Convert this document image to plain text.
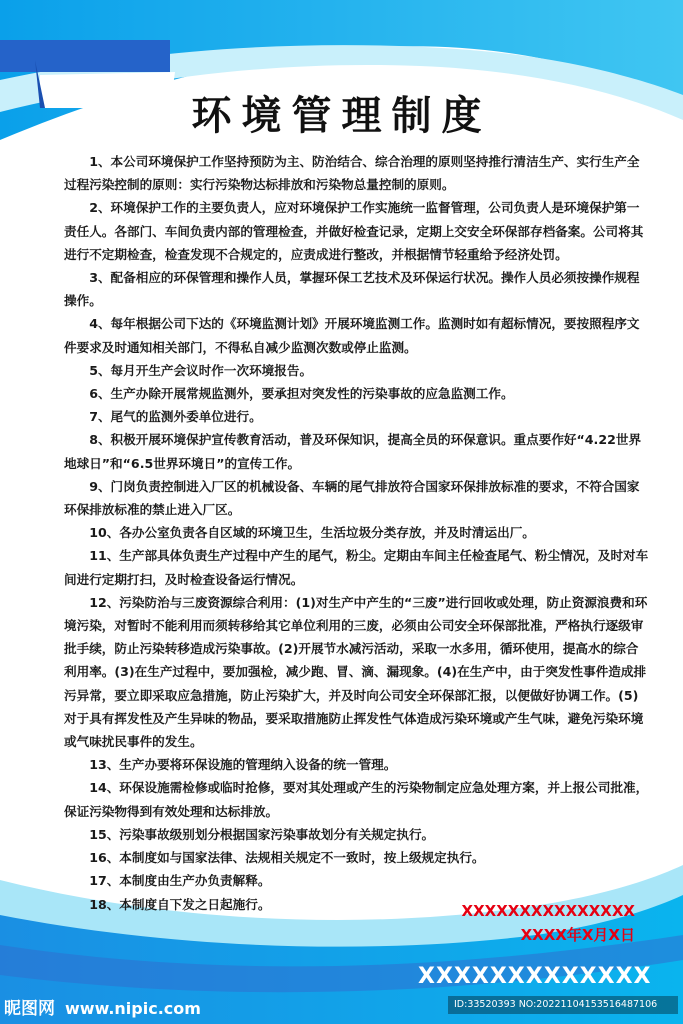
环境管理制度

1、本公司环境保护工作坚持预防为主、防治结合、综合治理的原则坚持推行清洁生产、实行生产全过程污染控制的原则：实行污染物达标排放和污染物总量控制的原则。

2、环境保护工作的主要负责人，应对环境保护工作实施统一监督管理，公司负责人是环境保护第一责任人。各部门、车间负责内部的管理检查，并做好检查记录，定期上交安全环保部存档备案。公司将其进行不定期检查，检查发现不合规定的，应责成进行整改，并根据情节轻重给予经济处罚。

3、配备相应的环保管理和操作人员，掌握环保工艺技术及环保运行状况。操作人员必须按操作规程操作。

4、每年根据公司下达的《环境监测计划》开展环境监测工作。监测时如有超标情况，要按照程序文件要求及时通知相关部门，不得私自减少监测次数或停止监测。

5、每月开生产会议时作一次环境报告。

6、生产办除开展常规监测外，要承担对突发性的污染事故的应急监测工作。

7、尾气的监测外委单位进行。

8、积极开展环境保护宣传教育活动，普及环保知识，提高全员的环保意识。重点要作好“4.22世界地球日”和“6.5世界环境日”的宣传工作。

9、门岗负责控制进入厂区的机械设备、车辆的尾气排放符合国家环保排放标准的要求，不符合国家环保排放标准的禁止进入厂区。

10、各办公室负责各自区域的环境卫生，生活垃圾分类存放，并及时清运出厂。

11、生产部具体负责生产过程中产生的尾气，粉尘。定期由车间主任检查尾气、粉尘情况，及时对车间进行定期打扫，及时检查设备运行情况。

12、污染防治与三废资源综合利用：(1)对生产中产生的“三废”进行回收或处理，防止资源浪费和环境污染，对暂时不能利用而须转移给其它单位利用的三废，必须由公司安全环保部批准，严格执行逐级审批手续，防止污染转移造成污染事故。(2)开展节水减污活动，采取一水多用，循环使用，提高水的综合利用率。(3)在生产过程中，要加强检，减少跑、冒、滴、漏现象。(4)在生产中，由于突发性事件造成排污异常，要立即采取应急措施，防止污染扩大，并及时向公司安全环保部汇报，以便做好协调工作。(5)对于具有挥发性及产生异味的物品，要采取措施防止挥发性气体造成污染环境或产生气味，避免污染环境或气味扰民事件的发生。

13、生产办要将环保设施的管理纳入设备的统一管理。

14、环保设施需检修或临时抢修，要对其处理或产生的污染物制定应急处理方案，并上报公司批准，保证污染物得到有效处理和达标排放。

15、污染事故级别划分根据国家污染事故划分有关规定执行。

16、本制度如与国家法律、法规相关规定不一致时，按上级规定执行。

17、本制度由生产办负责解释。

18、本制度自下发之日起施行。	XXXXXXXXXXXXXXX
XXXX年X月X日
XXXXXXXXXXXXX
昵图网 www.nipic.com	ID:33520393 NO:20221104153516487106
